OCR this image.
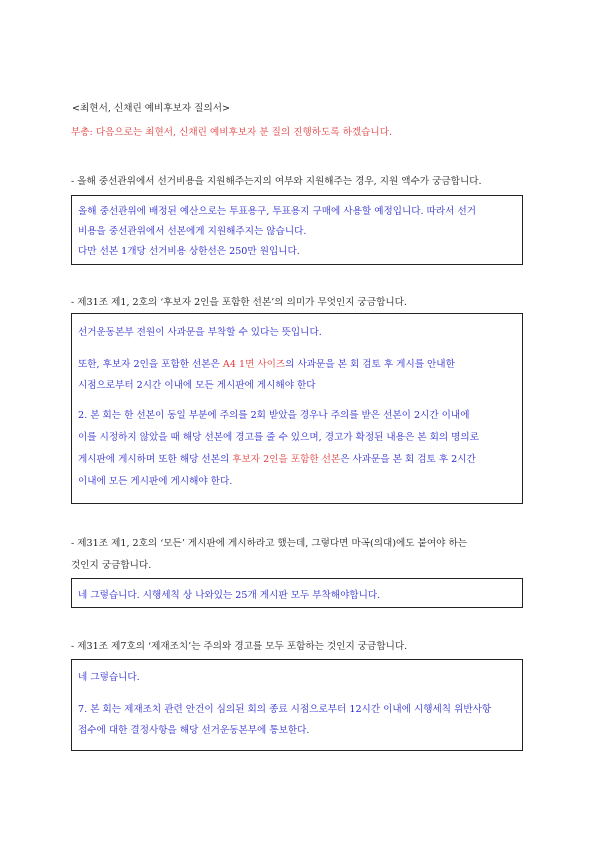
<최현서, 신채린 예비후보자 질의서>
부총: 다음으로는 최현서, 신채린 예비후보자 분 질의 진행하도록 하겠습니다.
- 올해 중선관위에서 선거비용을 지원해주는지의 여부와 지원해주는 경우, 지원 액수가 궁금합니다.

올해 중선관위에 배정된 예산으로는 투표용구, 투표용지 구매에 사용할 예정입니다. 따라서 선거

비용을 중선관위에서 선본에게 지원해주지는 않습니다.

다만 선본 1개당 선거비용 상한선은 250만 원입니다.

- 제31조 제1, 2호의 ‘후보자 2인을 포함한 선본’의 의미가 무엇인지 궁금합니다.

선거운동본부 전원이 사과문을 부착할 수 있다는 뜻입니다.

또한, 후보자 2인을 포함한 선본은 A4 1면 사이즈의 사과문을 본 회 검토 후 게시를 안내한

시점으로부터 2시간 이내에 모든 게시판에 게시해야 한다

2. 본 회는 한 선본이 동일 부분에 주의를 2회 받았을 경우나 주의를 받은 선본이 2시간 이내에

이를 시정하지 않았을 때 해당 선본에 경고를 줄 수 있으며, 경고가 확정된 내용은 본 회의 명의로

게시판에 게시하며 또한 해당 선본의 후보자 2인을 포함한 선본은 사과문을 본 회 검토 후 2시간

이내에 모든 게시판에 게시해야 한다.

- 제31조 제1, 2호의 ‘모든’ 게시판에 게시하라고 했는데, 그렇다면 마곡(의대)에도 붙여야 하는
것인지 궁금합니다.

네 그렇습니다. 시행세칙 상 나와있는 25개 게시판 모두 부착해야합니다.

- 제31조 제7호의 ‘제재조치’는 주의와 경고를 모두 포함하는 것인지 궁금합니다.

네 그렇습니다.

7. 본 회는 제재조치 관련 안건이 심의된 회의 종료 시점으로부터 12시간 이내에 시행세칙 위반사항

접수에 대한 결정사항을 해당 선거운동본부에 통보한다.
